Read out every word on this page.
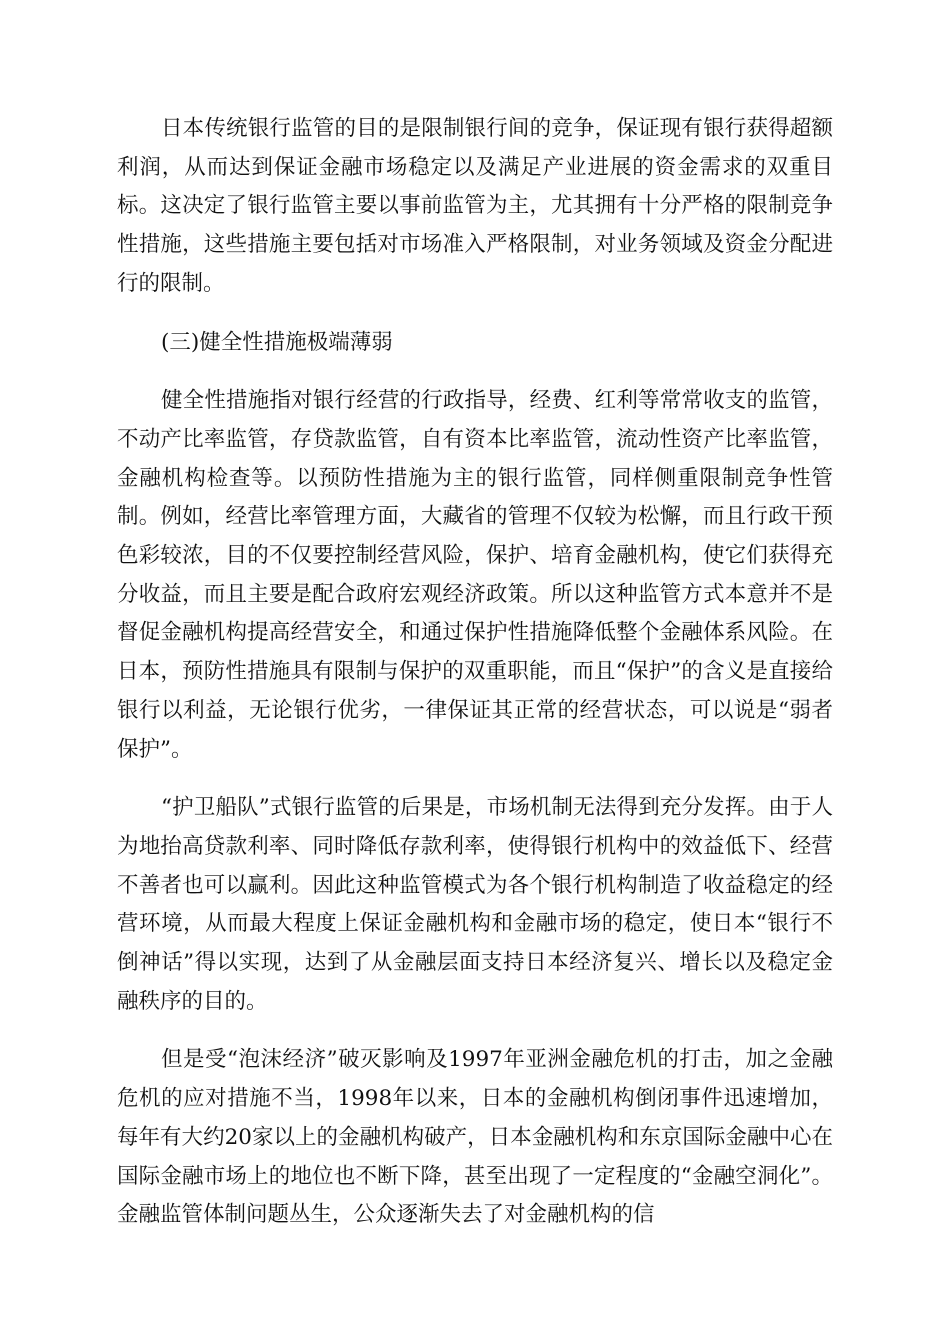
日本传统银行监管的目的是限制银行间的竞争，保证现有银行获得超额利润，从而达到保证金融市场稳定以及满足产业进展的资金需求的双重目标。这决定了银行监管主要以事前监管为主，尤其拥有十分严格的限制竞争性措施，这些措施主要包括对市场准入严格限制，对业务领域及资金分配进行的限制。

(三)健全性措施极端薄弱

健全性措施指对银行经营的行政指导，经费、红利等常常收支的监管，不动产比率监管，存贷款监管，自有资本比率监管，流动性资产比率监管，金融机构检查等。以预防性措施为主的银行监管，同样侧重限制竞争性管制。例如，经营比率管理方面，大藏省的管理不仅较为松懈，而且行政干预色彩较浓，目的不仅要控制经营风险，保护、培育金融机构，使它们获得充分收益，而且主要是配合政府宏观经济政策。所以这种监管方式本意并不是督促金融机构提高经营安全，和通过保护性措施降低整个金融体系风险。在日本，预防性措施具有限制与保护的双重职能，而且“保护”的含义是直接给银行以利益，无论银行优劣，一律保证其正常的经营状态，可以说是“弱者保护”。

“护卫船队”式银行监管的后果是，市场机制无法得到充分发挥。由于人为地抬高贷款利率、同时降低存款利率，使得银行机构中的效益低下、经营不善者也可以赢利。因此这种监管模式为各个银行机构制造了收益稳定的经营环境，从而最大程度上保证金融机构和金融市场的稳定，使日本“银行不倒神话”得以实现，达到了从金融层面支持日本经济复兴、增长以及稳定金融秩序的目的。

但是受“泡沫经济”破灭影响及1997年亚洲金融危机的打击，加之金融危机的应对措施不当，1998年以来，日本的金融机构倒闭事件迅速增加，每年有大约20家以上的金融机构破产，日本金融机构和东京国际金融中心在国际金融市场上的地位也不断下降，甚至出现了一定程度的“金融空洞化”。金融监管体制问题丛生，公众逐渐失去了对金融机构的信
